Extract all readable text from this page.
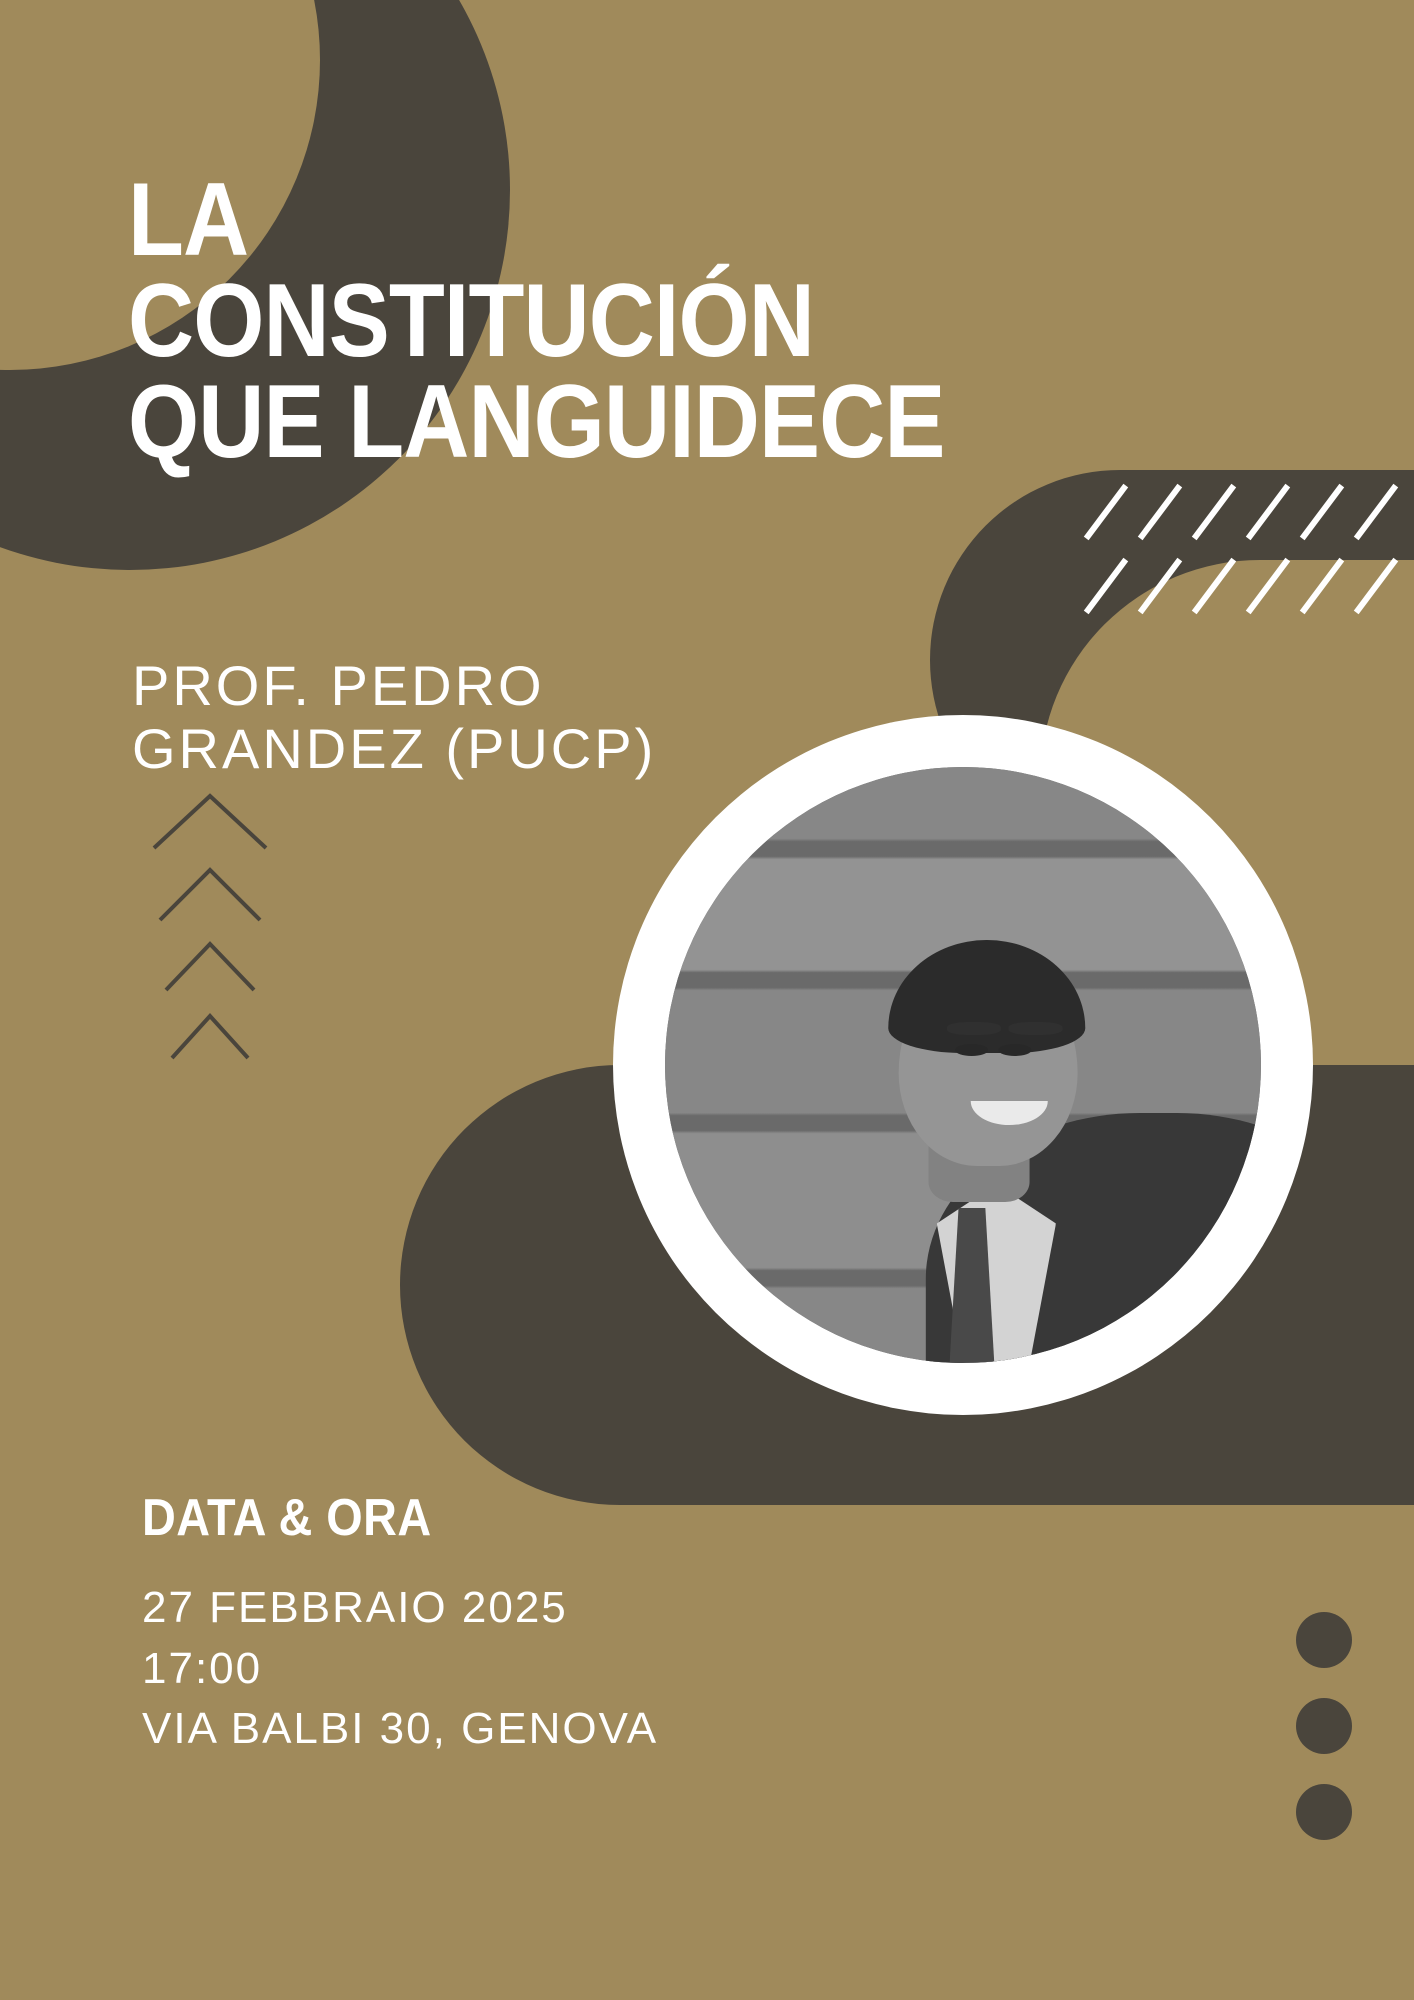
LA
CONSTITUCIÓN
QUE LANGUIDECE
PROF. PEDRO
GRANDEZ (PUCP)
DATA & ORA
27 FEBBRAIO 2025
17:00
VIA BALBI 30, GENOVA
